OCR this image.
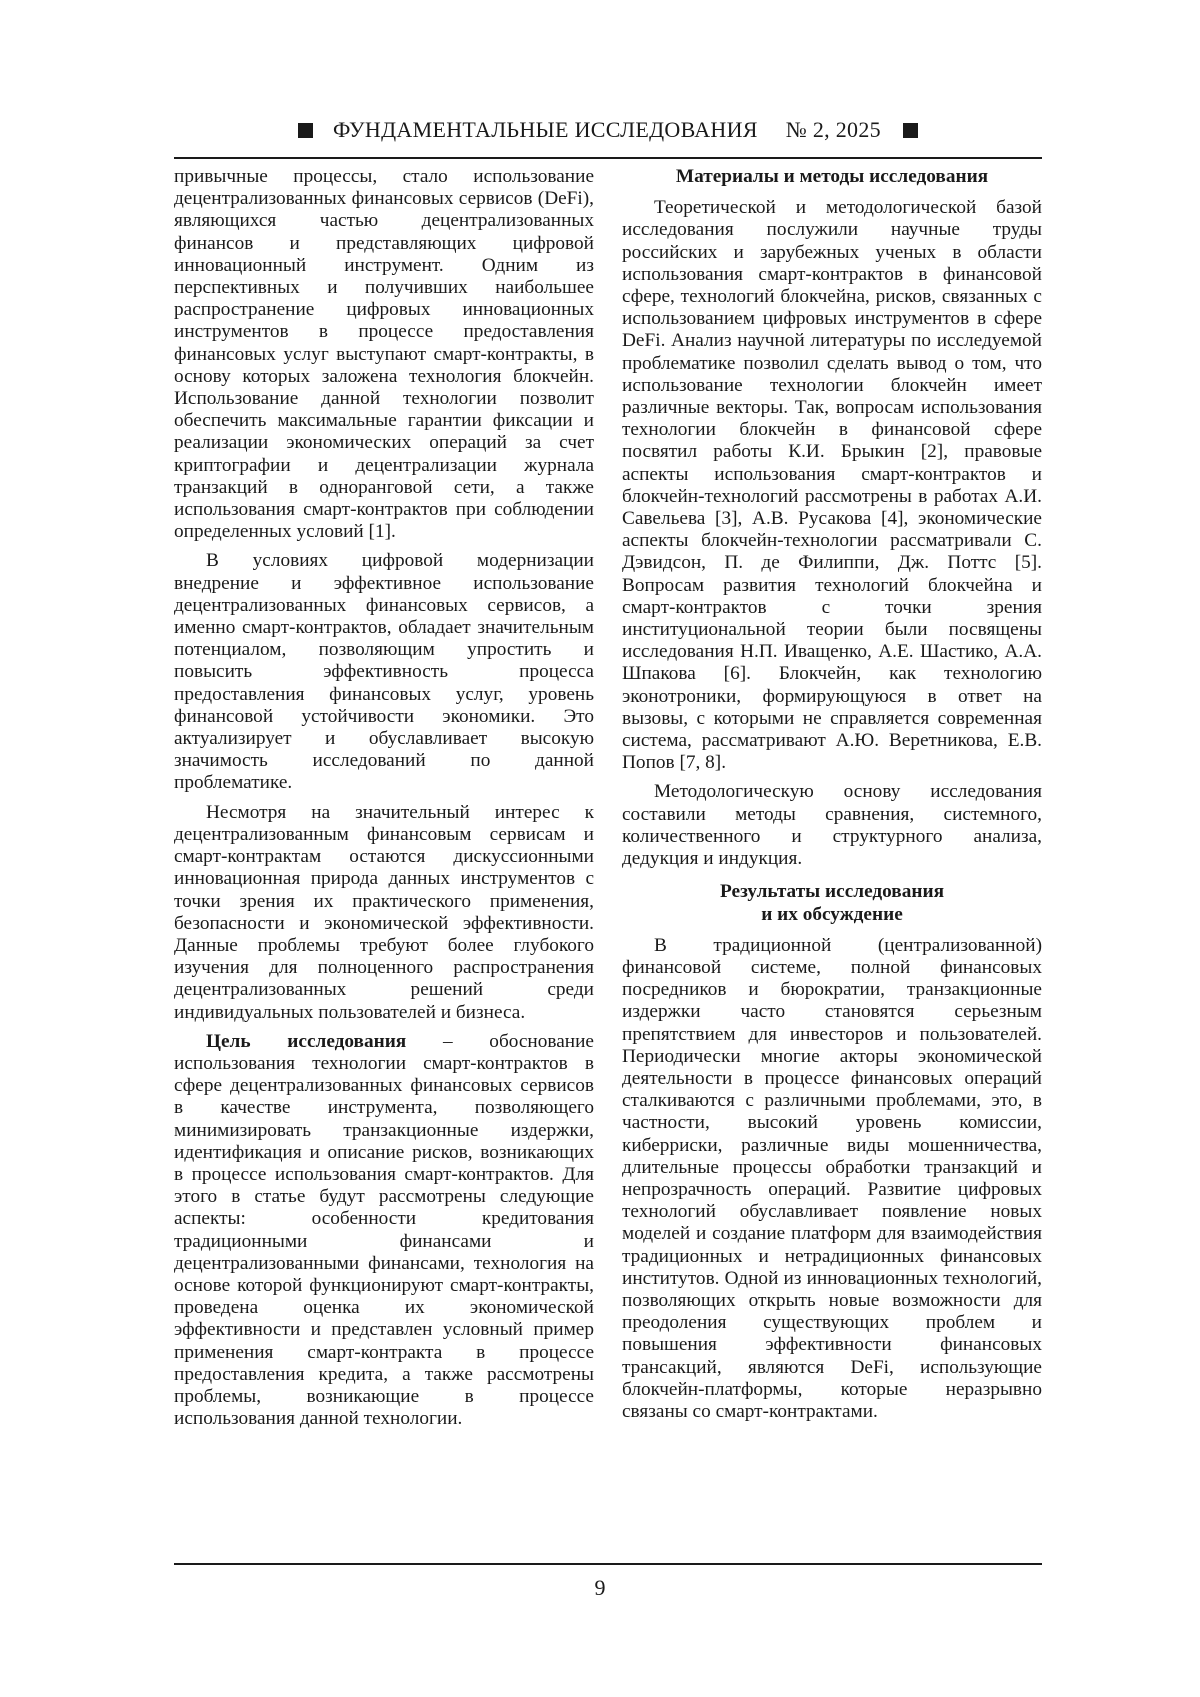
ФУНДАМЕНТАЛЬНЫЕ ИССЛЕДОВАНИЯ № 2, 2025

привычные процессы, стало использование децентрализованных финансовых сервисов (DeFi), являющихся частью децентрализованных финансов и представляющих цифровой инновационный инструмент. Одним из перспективных и получивших наибольшее распространение цифровых инновационных инструментов в процессе предоставления финансовых услуг выступают смарт-контракты, в основу которых заложена технология блокчейн. Использование данной технологии позволит обеспечить максимальные гарантии фиксации и реализации экономических операций за счет криптографии и децентрализации журнала транзакций в одноранговой сети, а также использования смарт-контрактов при соблюдении определенных условий [1].

В условиях цифровой модернизации внедрение и эффективное использование децентрализованных финансовых сервисов, а именно смарт-контрактов, обладает значительным потенциалом, позволяющим упростить и повысить эффективность процесса предоставления финансовых услуг, уровень финансовой устойчивости экономики. Это актуализирует и обуславливает высокую значимость исследований по данной проблематике.

Несмотря на значительный интерес к децентрализованным финансовым сервисам и смарт-контрактам остаются дискуссионными инновационная природа данных инструментов с точки зрения их практического применения, безопасности и экономической эффективности. Данные проблемы требуют более глубокого изучения для полноценного распространения децентрализованных решений среди индивидуальных пользователей и бизнеса.

Цель исследования – обоснование использования технологии смарт-контрактов в сфере децентрализованных финансовых сервисов в качестве инструмента, позволяющего минимизировать транзакционные издержки, идентификация и описание рисков, возникающих в процессе использования смарт-контрактов. Для этого в статье будут рассмотрены следующие аспекты: особенности кредитования традиционными финансами и децентрализованными финансами, технология на основе которой функционируют смарт-контракты, проведена оценка их экономической эффективности и представлен условный пример применения смарт-контракта в процессе предоставления кредита, а также рассмотрены проблемы, возникающие в процессе использования данной технологии.

Материалы и методы исследования

Теоретической и методологической базой исследования послужили научные труды российских и зарубежных ученых в области использования смарт-контрактов в финансовой сфере, технологий блокчейна, рисков, связанных с использованием цифровых инструментов в сфере DeFi. Анализ научной литературы по исследуемой проблематике позволил сделать вывод о том, что использование технологии блокчейн имеет различные векторы. Так, вопросам использования технологии блокчейн в финансовой сфере посвятил работы К.И. Брыкин [2], правовые аспекты использования смарт-контрактов и блокчейн-технологий рассмотрены в работах А.И. Савельева [3], А.В. Русакова [4], экономические аспекты блокчейн-технологии рассматривали С. Дэвидсон, П. де Филиппи, Дж. Поттс [5]. Вопросам развития технологий блокчейна и смарт-контрактов с точки зрения институциональной теории были посвящены исследования Н.П. Иващенко, А.Е. Шастико, А.А. Шпакова [6]. Блокчейн, как технологию эконотроники, формирующуюся в ответ на вызовы, с которыми не справляется современная система, рассматривают А.Ю. Веретникова, Е.В. Попов [7, 8].

Методологическую основу исследования составили методы сравнения, системного, количественного и структурного анализа, дедукция и индукция.

Результаты исследования
и их обсуждение

В традиционной (централизованной) финансовой системе, полной финансовых посредников и бюрократии, транзакционные издержки часто становятся серьезным препятствием для инвесторов и пользователей. Периодически многие акторы экономической деятельности в процессе финансовых операций сталкиваются с различными проблемами, это, в частности, высокий уровень комиссии, киберриски, различные виды мошенничества, длительные процессы обработки транзакций и непрозрачность операций. Развитие цифровых технологий обуславливает появление новых моделей и создание платформ для взаимодействия традиционных и нетрадиционных финансовых институтов. Одной из инновационных технологий, позволяющих открыть новые возможности для преодоления существующих проблем и повышения эффективности финансовых трансакций, являются DeFi, использующие блокчейн-платформы, которые неразрывно связаны со смарт-контрактами.

9
